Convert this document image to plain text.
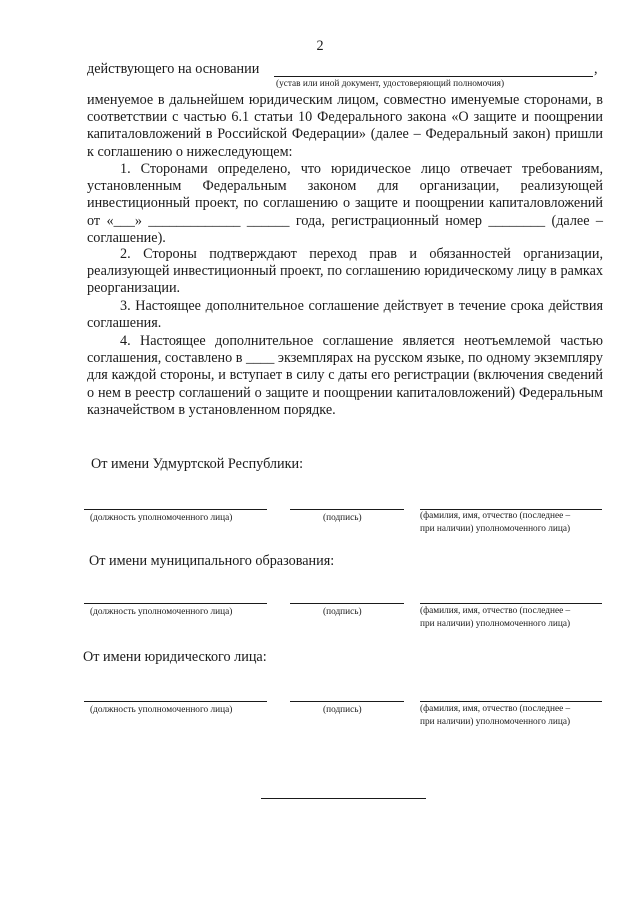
2
действующего на основании	,
(устав или иной документ, удостоверяющий полномочия)
именуемое в дальнейшем юридическим лицом, совместно именуемые сторонами, в соответствии с частью 6.1 статьи 10 Федерального закона «О защите и поощрении капиталовложений в Российской Федерации» (далее – Федеральный закон) пришли к соглашению о нижеследующем:
1. Сторонами определено, что юридическое лицо отвечает требованиям, установленным Федеральным законом для организации, реализующей инвестиционный проект, по соглашению о защите и поощрении капиталовложений от «___» _____________ ______ года, регистрационный номер ________ (далее – соглашение).
2. Стороны подтверждают переход прав и обязанностей организации, реализующей инвестиционный проект, по соглашению юридическому лицу в рамках реорганизации.
3. Настоящее дополнительное соглашение действует в течение срока действия соглашения.
4. Настоящее дополнительное соглашение является неотъемлемой частью соглашения, составлено в ____ экземплярах на русском языке, по одному экземпляру для каждой стороны, и вступает в силу с даты его регистрации (включения сведений о нем в реестр соглашений о защите и поощрении капиталовложений) Федеральным казначейством в установленном порядке.
От имени Удмуртской Республики:
(должность уполномоченного лица)	(подпись)	(фамилия, имя, отчество (последнее –
при наличии) уполномоченного лица)
От имени муниципального образования:
(должность уполномоченного лица)	(подпись)	(фамилия, имя, отчество (последнее –
при наличии) уполномоченного лица)
От имени юридического лица:
(должность уполномоченного лица)	(подпись)	(фамилия, имя, отчество (последнее –
при наличии) уполномоченного лица)
